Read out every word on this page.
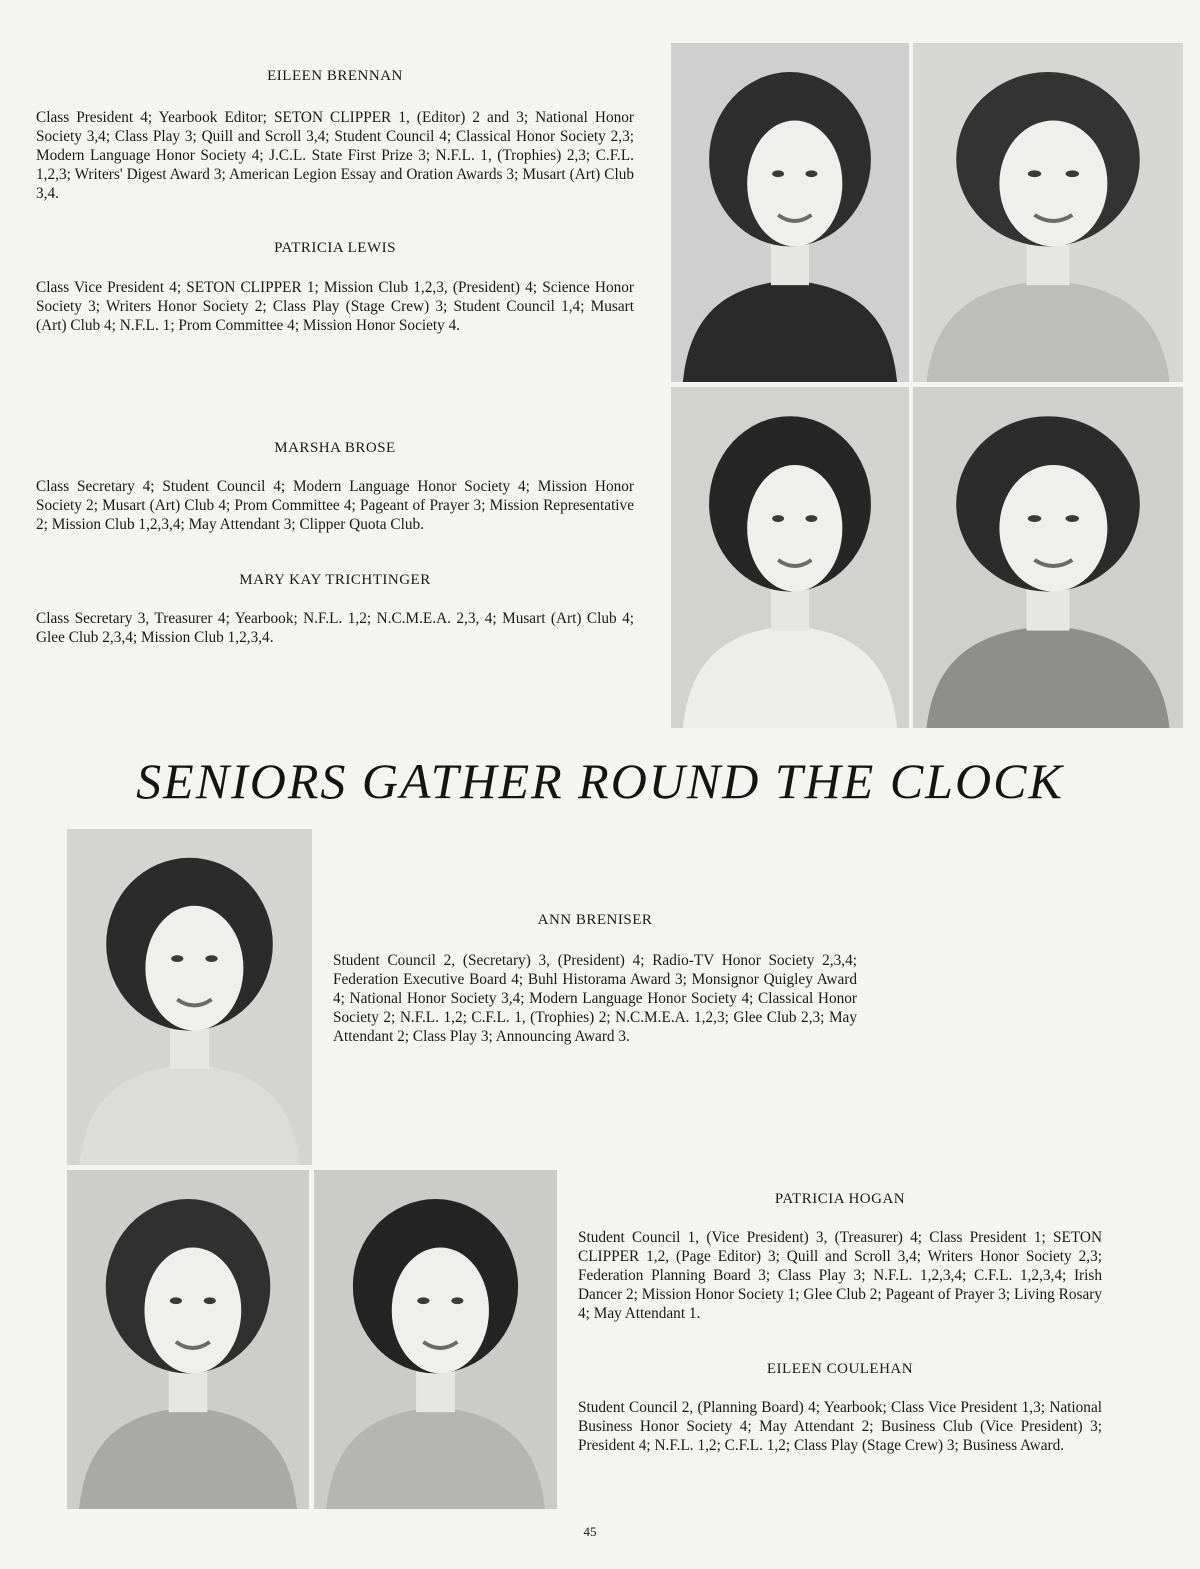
EILEEN BRENNAN
Class President 4; Yearbook Editor; SETON CLIPPER 1, (Editor) 2 and 3; National Honor Society 3,4; Class Play 3; Quill and Scroll 3,4; Student Council 4; Classical Honor Society 2,3; Modern Language Honor Society 4; J.C.L. State First Prize 3; N.F.L. 1, (Trophies) 2,3; C.F.L. 1,2,3; Writers' Digest Award 3; American Legion Essay and Oration Awards 3; Musart (Art) Club 3,4.
PATRICIA LEWIS
Class Vice President 4; SETON CLIPPER 1; Mission Club 1,2,3, (President) 4; Science Honor Society 3; Writers Honor Society 2; Class Play (Stage Crew) 3; Student Council 1,4; Musart (Art) Club 4; N.F.L. 1; Prom Committee 4; Mission Honor Society 4.
MARSHA BROSE
Class Secretary 4; Student Council 4; Modern Language Honor Society 4; Mission Honor Society 2; Musart (Art) Club 4; Prom Committee 4; Pageant of Prayer 3; Mission Representative 2; Mission Club 1,2,3,4; May Attendant 3; Clipper Quota Club.
MARY KAY TRICHTINGER
Class Secretary 3, Treasurer 4; Yearbook; N.F.L. 1,2; N.C.M.E.A. 2,3, 4; Musart (Art) Club 4; Glee Club 2,3,4; Mission Club 1,2,3,4.
SENIORS GATHER ROUND THE CLOCK
ANN BRENISER
Student Council 2, (Secretary) 3, (President) 4; Radio-TV Honor Society 2,3,4; Federation Executive Board 4; Buhl Historama Award 3; Monsignor Quigley Award 4; National Honor Society 3,4; Modern Language Honor Society 4; Classical Honor Society 2; N.F.L. 1,2; C.F.L. 1, (Trophies) 2; N.C.M.E.A. 1,2,3; Glee Club 2,3; May Attendant 2; Class Play 3; Announcing Award 3.
PATRICIA HOGAN
Student Council 1, (Vice President) 3, (Treasurer) 4; Class President 1; SETON CLIPPER 1,2, (Page Editor) 3; Quill and Scroll 3,4; Writers Honor Society 2,3; Federation Planning Board 3; Class Play 3; N.F.L. 1,2,3,4; C.F.L. 1,2,3,4; Irish Dancer 2; Mission Honor Society 1; Glee Club 2; Pageant of Prayer 3; Living Rosary 4; May Attendant 1.
EILEEN COULEHAN
Student Council 2, (Planning Board) 4; Yearbook; Class Vice President 1,3; National Business Honor Society 4; May Attendant 2; Business Club (Vice President) 3; President 4; N.F.L. 1,2; C.F.L. 1,2; Class Play (Stage Crew) 3; Business Award.
45
